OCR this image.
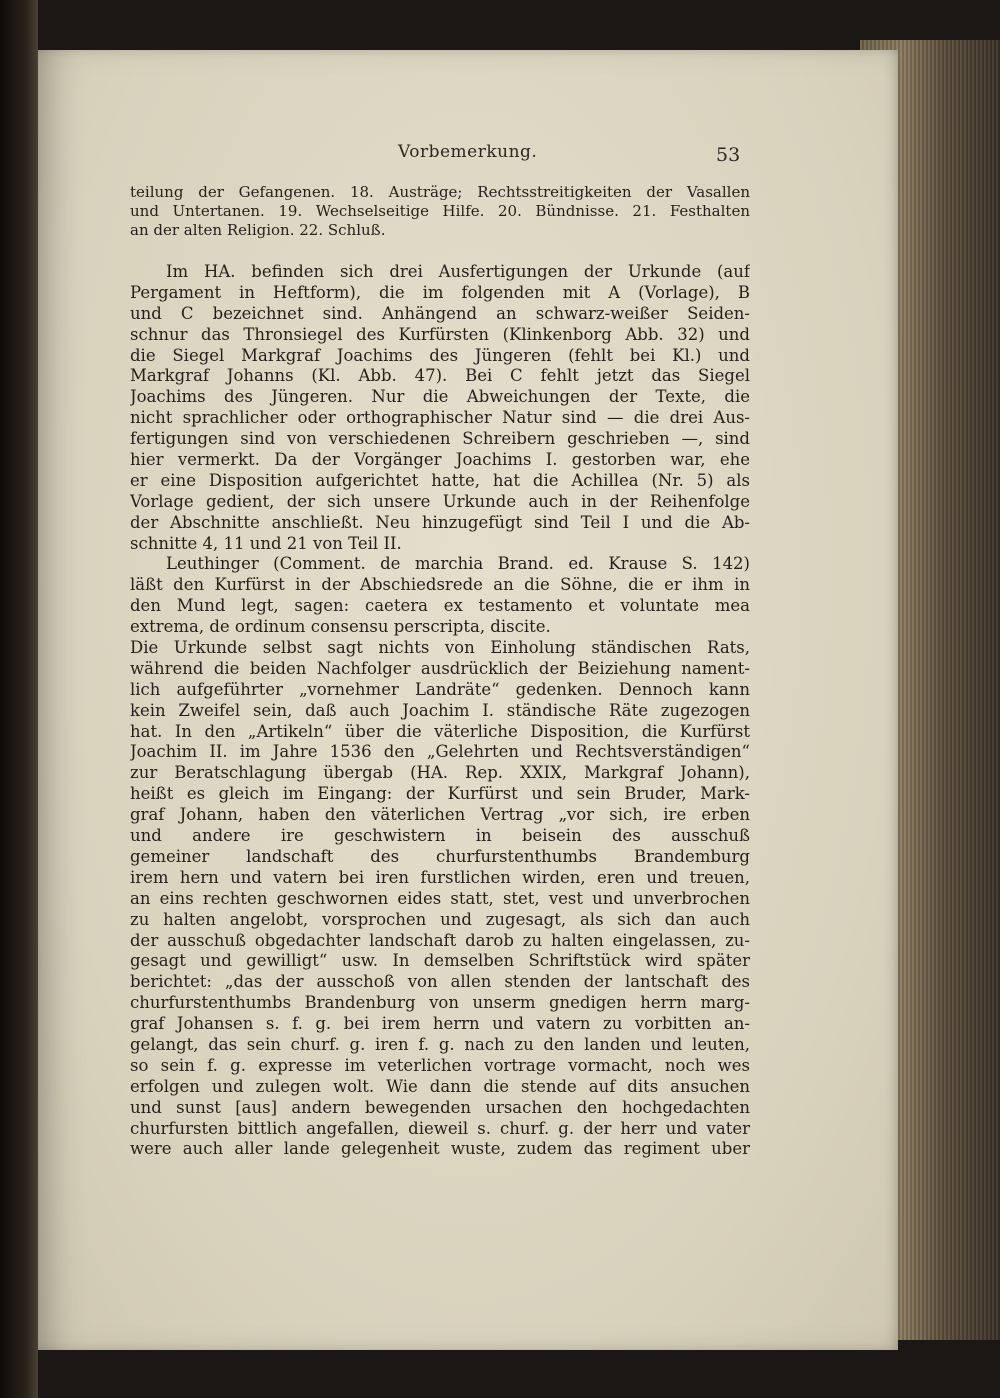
Vorbemerkung.	53
teilung der Gefangenen. 18. Austräge; Rechtsstreitigkeiten der Vasallen
und Untertanen. 19. Wechselseitige Hilfe. 20. Bündnisse. 21. Festhalten
an der alten Religion. 22. Schluß.
Im HA. befinden sich drei Ausfertigungen der Urkunde (auf
Pergament in Heftform), die im folgenden mit A (Vorlage), B
und C bezeichnet sind. Anhängend an schwarz-weißer Seiden-
schnur das Thronsiegel des Kurfürsten (Klinkenborg Abb. 32) und
die Siegel Markgraf Joachims des Jüngeren (fehlt bei Kl.) und
Markgraf Johanns (Kl. Abb. 47). Bei C fehlt jetzt das Siegel
Joachims des Jüngeren. Nur die Abweichungen der Texte, die
nicht sprachlicher oder orthographischer Natur sind — die drei Aus-
fertigungen sind von verschiedenen Schreibern geschrieben —, sind
hier vermerkt. Da der Vorgänger Joachims I. gestorben war, ehe
er eine Disposition aufgerichtet hatte, hat die Achillea (Nr. 5) als
Vorlage gedient, der sich unsere Urkunde auch in der Reihenfolge
der Abschnitte anschließt. Neu hinzugefügt sind Teil I und die Ab-
schnitte 4, 11 und 21 von Teil II.
Leuthinger (Comment. de marchia Brand. ed. Krause S. 142)
läßt den Kurfürst in der Abschiedsrede an die Söhne, die er ihm in
den Mund legt, sagen: caetera ex testamento et voluntate mea
extrema, de ordinum consensu perscripta, discite.
Die Urkunde selbst sagt nichts von Einholung ständischen Rats,
während die beiden Nachfolger ausdrücklich der Beiziehung nament-
lich aufgeführter „vornehmer Landräte“ gedenken. Dennoch kann
kein Zweifel sein, daß auch Joachim I. ständische Räte zugezogen
hat. In den „Artikeln“ über die väterliche Disposition, die Kurfürst
Joachim II. im Jahre 1536 den „Gelehrten und Rechtsverständigen“
zur Beratschlagung übergab (HA. Rep. XXIX, Markgraf Johann),
heißt es gleich im Eingang: der Kurfürst und sein Bruder, Mark-
graf Johann, haben den väterlichen Vertrag „vor sich, ire erben
und andere ire geschwistern in beisein des ausschuß
gemeiner landschaft des churfurstenthumbs Brandemburg
irem hern und vatern bei iren furstlichen wirden, eren und treuen,
an eins rechten geschwornen eides statt, stet, vest und unverbrochen
zu halten angelobt, vorsprochen und zugesagt, als sich dan auch
der ausschuß obgedachter landschaft darob zu halten eingelassen, zu-
gesagt und gewilligt“ usw. In demselben Schriftstück wird später
berichtet: „das der ausschoß von allen stenden der lantschaft des
churfurstenthumbs Brandenburg von unserm gnedigen herrn marg-
graf Johansen s. f. g. bei irem herrn und vatern zu vorbitten an-
gelangt, das sein churf. g. iren f. g. nach zu den landen und leuten,
so sein f. g. expresse im veterlichen vortrage vormacht, noch wes
erfolgen und zulegen wolt. Wie dann die stende auf dits ansuchen
und sunst [aus] andern bewegenden ursachen den hochgedachten
churfursten bittlich angefallen, dieweil s. churf. g. der herr und vater
were auch aller lande gelegenheit wuste, zudem das regiment uber
